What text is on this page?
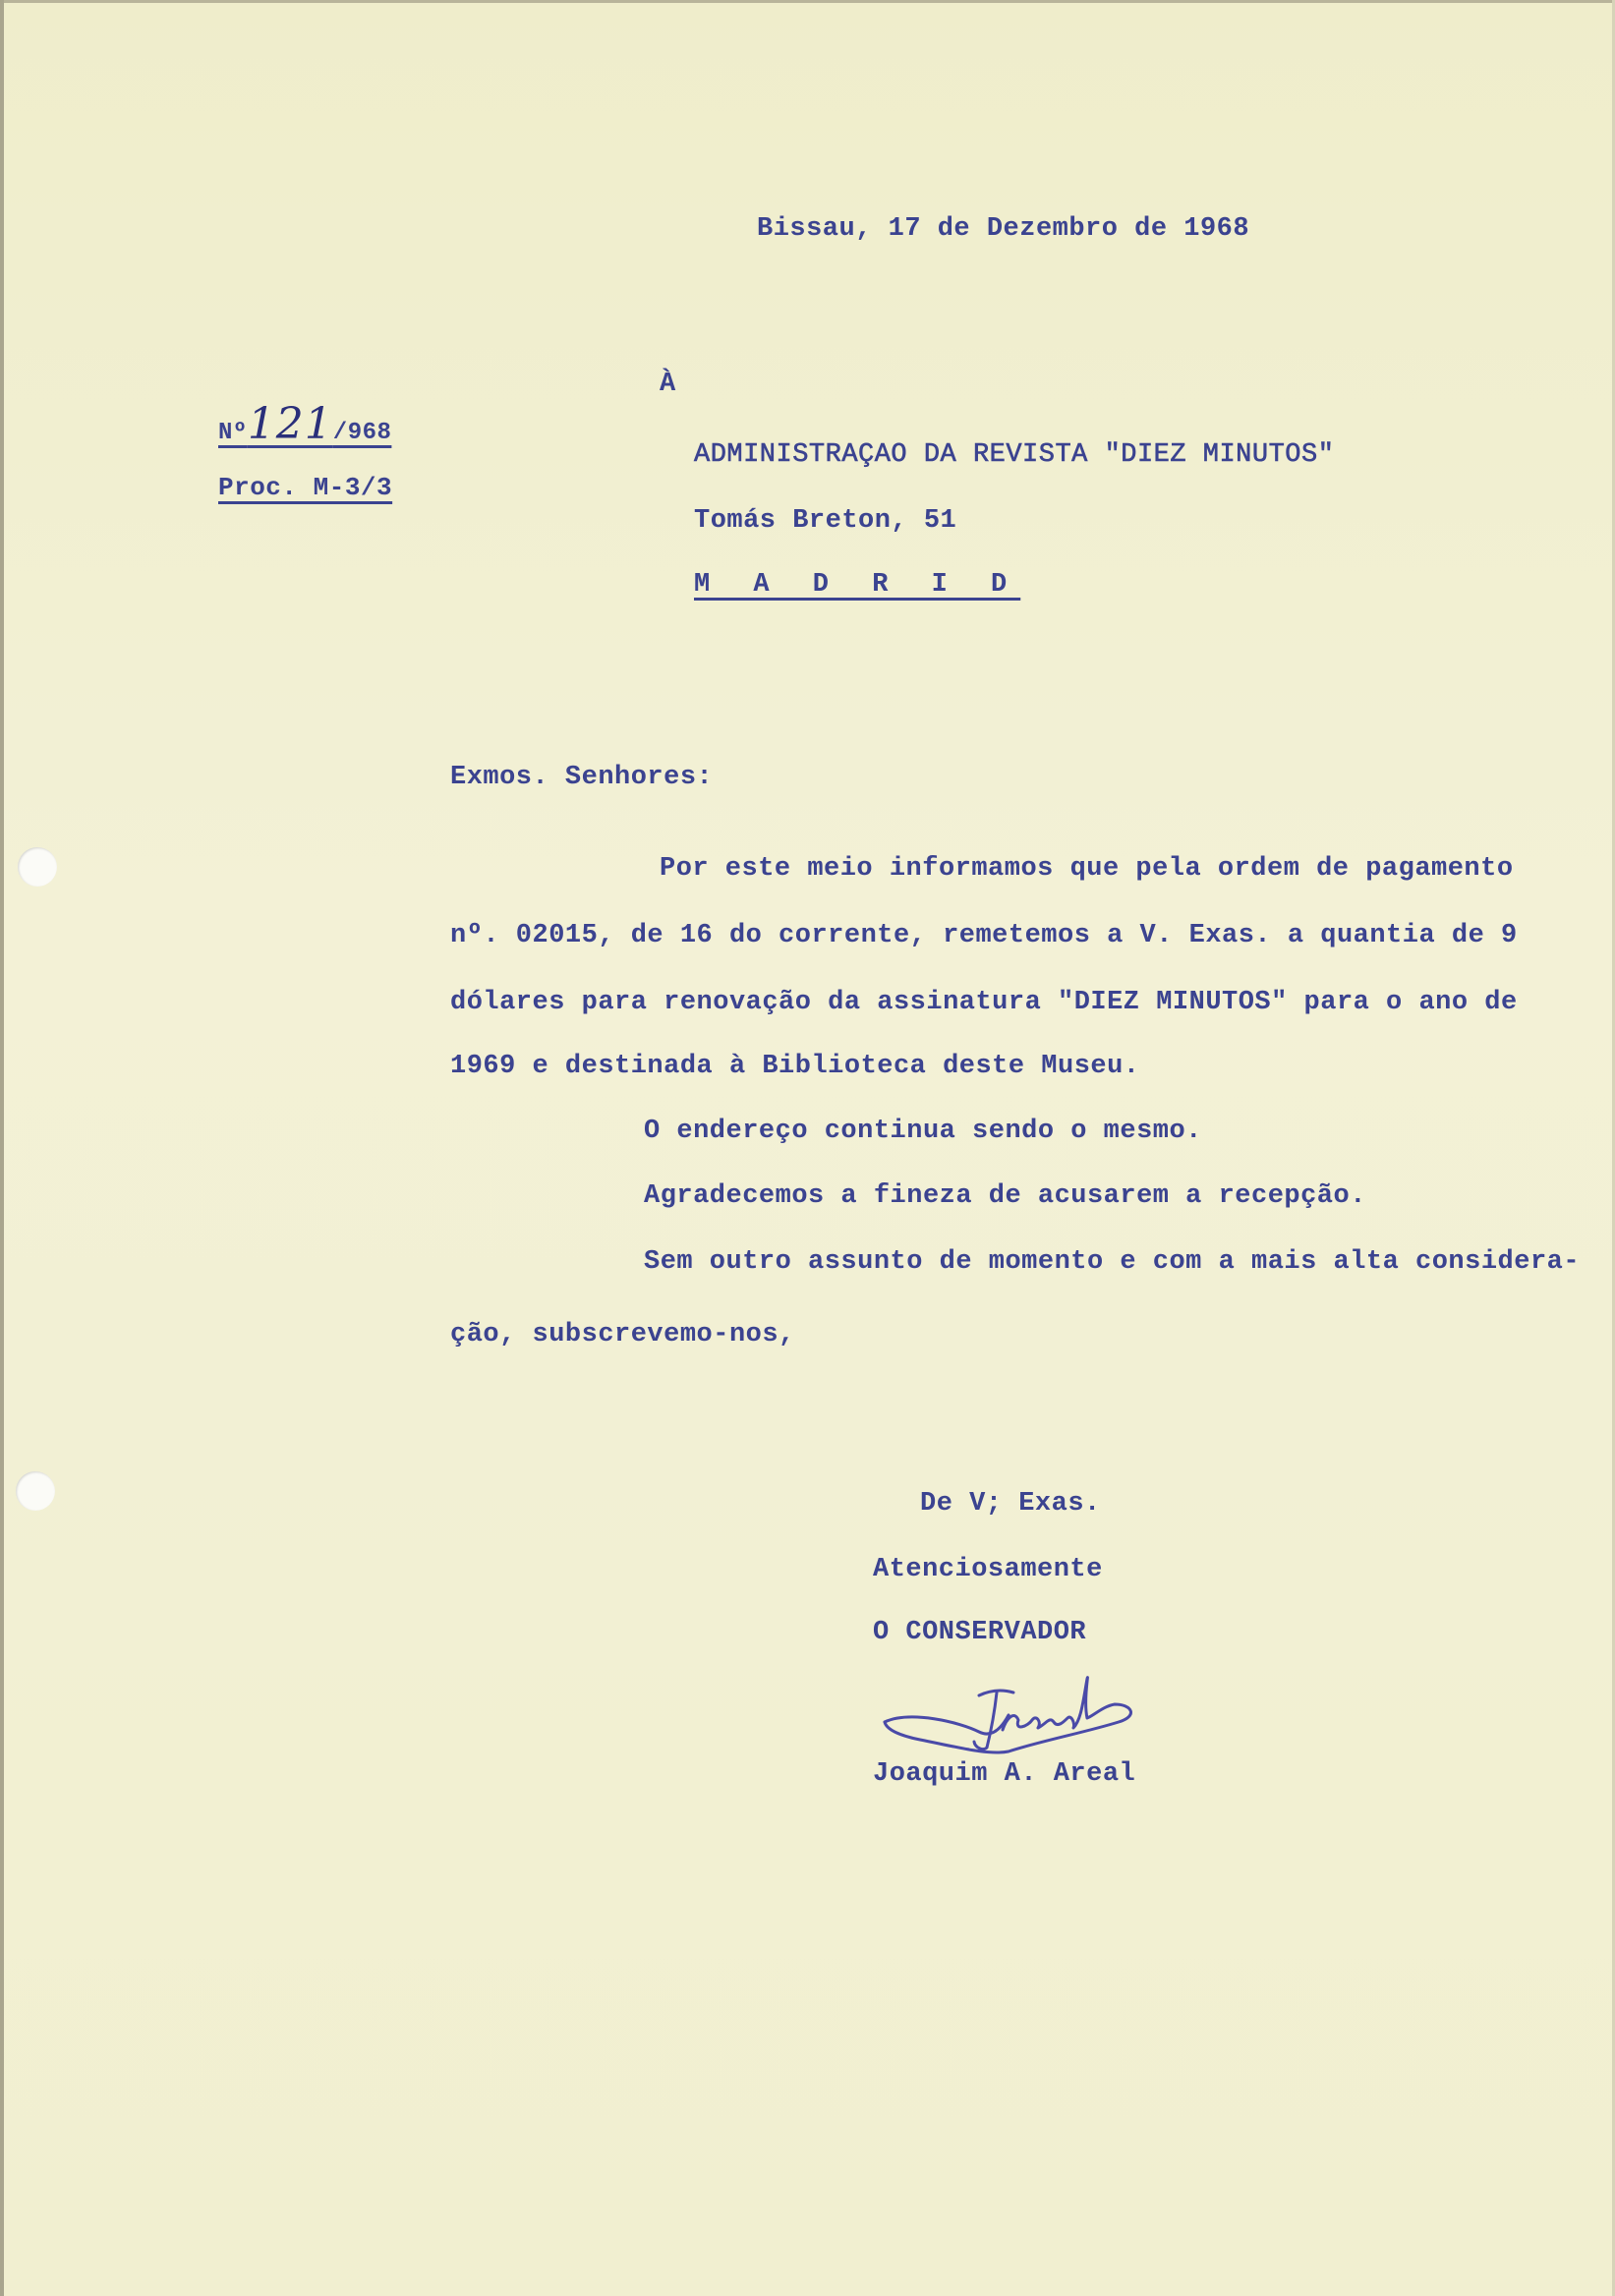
Bissau, 17 de Dezembro de 1968
Nº121/968
Proc. M-3/3
À
ADMINISTRAÇAO DA REVISTA "DIEZ MINUTOS"
Tomás Breton, 51
M A D R I D
Exmos. Senhores:
Por este meio informamos que pela ordem de pagamento
nº. 02015, de 16 do corrente, remetemos a V. Exas. a quantia de 9
dólares para renovação da assinatura "DIEZ MINUTOS" para o ano de
1969 e destinada à Biblioteca deste Museu.
O endereço continua sendo o mesmo.
Agradecemos a fineza de acusarem a recepção.
Sem outro assunto de momento e com a mais alta considera-
ção, subscrevemo-nos,
De V; Exas.
Atenciosamente
O CONSERVADOR
Joaquim A. Areal
